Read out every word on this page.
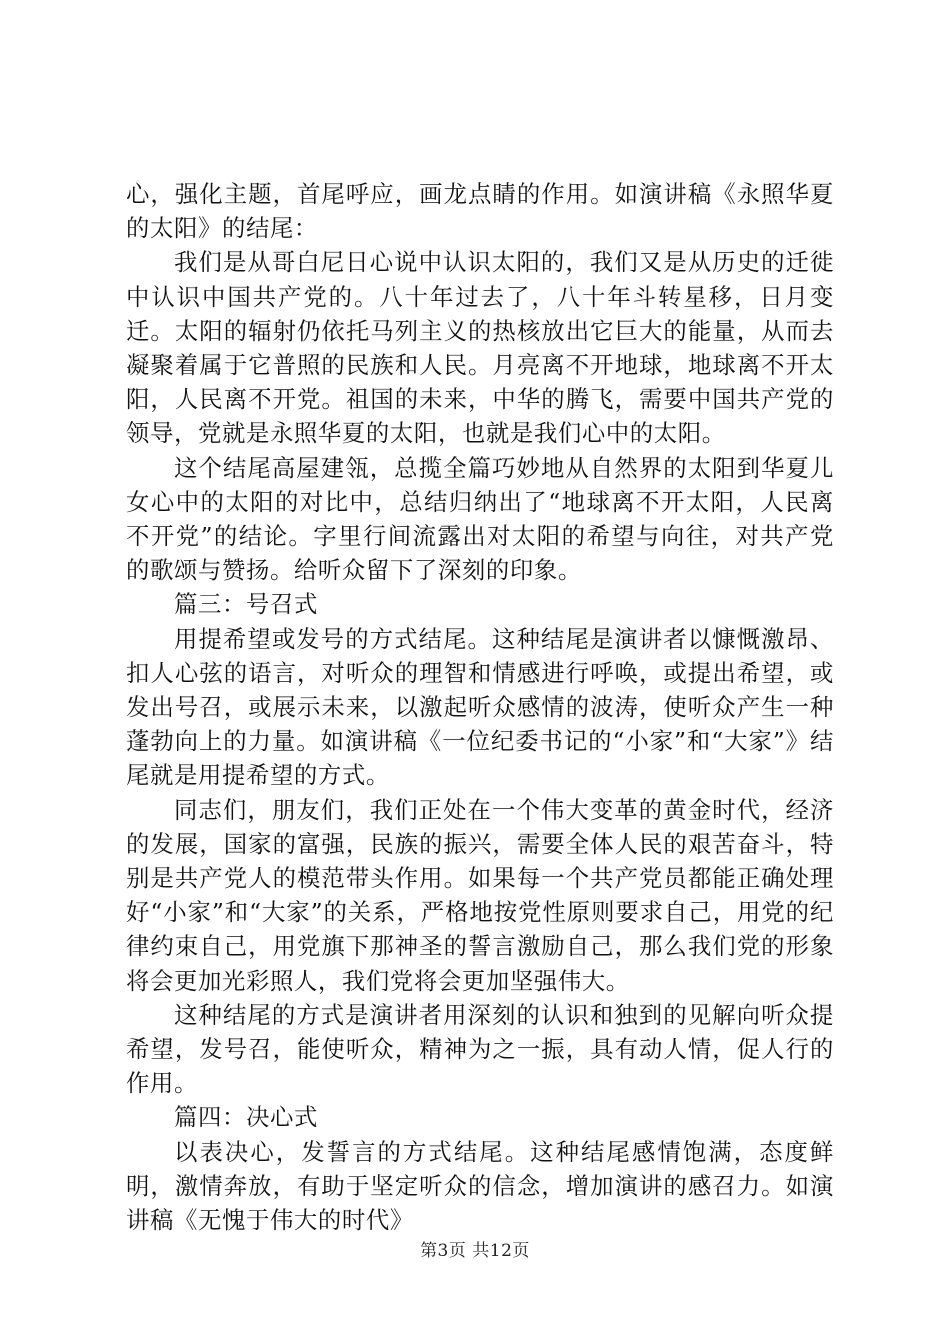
心，强化主题，首尾呼应，画龙点睛的作用。如演讲稿《永照华夏的太阳》的结尾：

我们是从哥白尼日心说中认识太阳的，我们又是从历史的迁徙中认识中国共产党的。八十年过去了，八十年斗转星移，日月变迁。太阳的辐射仍依托马列主义的热核放出它巨大的能量，从而去凝聚着属于它普照的民族和人民。月亮离不开地球，地球离不开太阳，人民离不开党。祖国的未来，中华的腾飞，需要中国共产党的领导，党就是永照华夏的太阳，也就是我们心中的太阳。

这个结尾高屋建瓴，总揽全篇巧妙地从自然界的太阳到华夏儿女心中的太阳的对比中，总结归纳出了“地球离不开太阳，人民离不开党”的结论。字里行间流露出对太阳的希望与向往，对共产党的歌颂与赞扬。给听众留下了深刻的印象。

篇三：号召式

用提希望或发号的方式结尾。这种结尾是演讲者以慷慨激昂、扣人心弦的语言，对听众的理智和情感进行呼唤，或提出希望，或发出号召，或展示未来，以激起听众感情的波涛，使听众产生一种蓬勃向上的力量。如演讲稿《一位纪委书记的“小家”和“大家”》结尾就是用提希望的方式。

同志们，朋友们，我们正处在一个伟大变革的黄金时代，经济的发展，国家的富强，民族的振兴，需要全体人民的艰苦奋斗，特别是共产党人的模范带头作用。如果每一个共产党员都能正确处理好“小家”和“大家”的关系，严格地按党性原则要求自己，用党的纪律约束自己，用党旗下那神圣的誓言激励自己，那么我们党的形象将会更加光彩照人，我们党将会更加坚强伟大。

这种结尾的方式是演讲者用深刻的认识和独到的见解向听众提希望，发号召，能使听众，精神为之一振，具有动人情，促人行的作用。

篇四：决心式

以表决心，发誓言的方式结尾。这种结尾感情饱满，态度鲜明，激情奔放，有助于坚定听众的信念，增加演讲的感召力。如演讲稿《无愧于伟大的时代》

第3页 共12页
